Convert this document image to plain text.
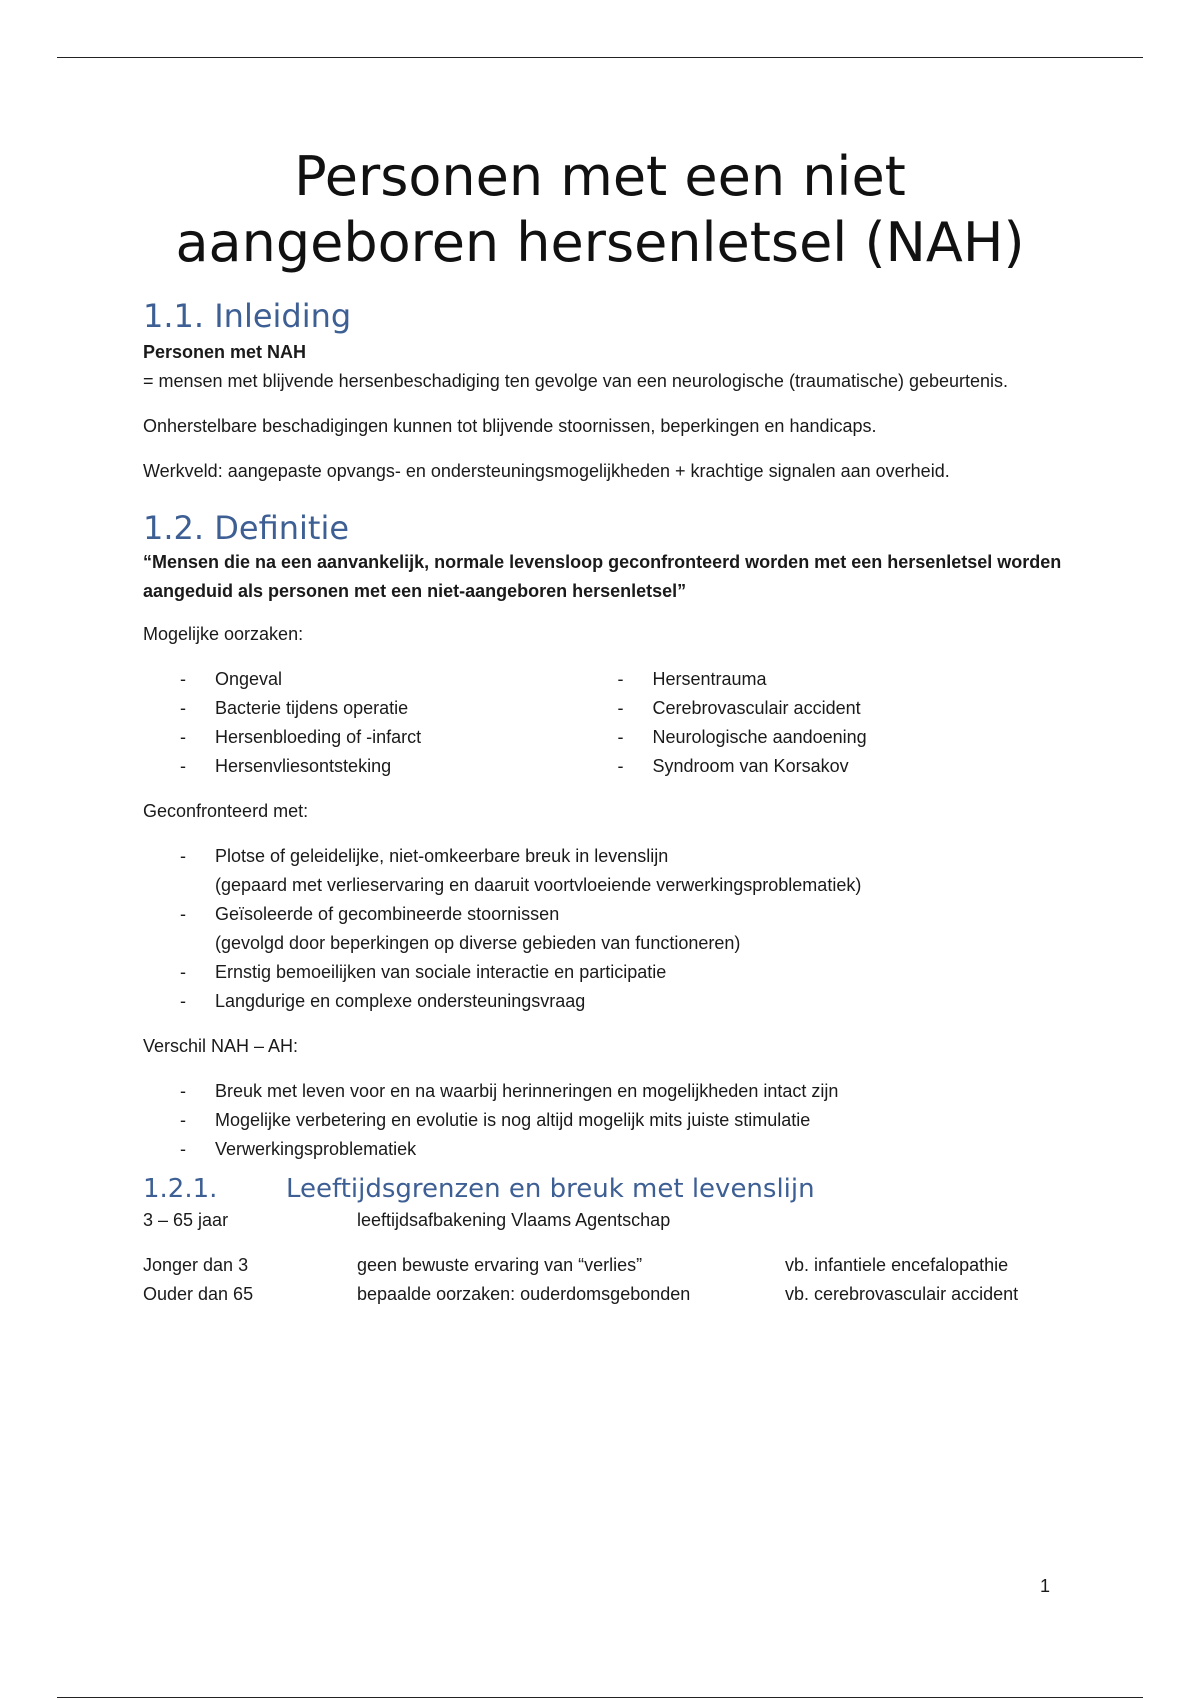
Personen met een niet
aangeboren hersenletsel (NAH)
1.1. Inleiding

Personen met NAH

= mensen met blijvende hersenbeschadiging ten gevolge van een neurologische (traumatische) gebeurtenis.

Onherstelbare beschadigingen kunnen tot blijvende stoornissen, beperkingen en handicaps.

Werkveld: aangepaste opvangs- en ondersteuningsmogelijkheden + krachtige signalen aan overheid.

1.2. Definitie

“Mensen die na een aanvankelijk, normale levensloop geconfronteerd worden met een hersenletsel worden aangeduid als personen met een niet-aangeboren hersenletsel”

Mogelijke oorzaken:

- Ongeval
- Bacterie tijdens operatie
- Hersenbloeding of -infarct
- Hersenvliesontsteking
- Hersentrauma
- Cerebrovasculair accident
- Neurologische aandoening
- Syndroom van Korsakov

Geconfronteerd met:

- Plotse of geleidelijke, niet-omkeerbare breuk in levenslijn
(gepaard met verlieservaring en daaruit voortvloeiende verwerkingsproblematiek)
- Geïsoleerde of gecombineerde stoornissen
(gevolgd door beperkingen op diverse gebieden van functioneren)
- Ernstig bemoeilijken van sociale interactie en participatie
- Langdurige en complexe ondersteuningsvraag

Verschil NAH – AH:

- Breuk met leven voor en na waarbij herinneringen en mogelijkheden intact zijn
- Mogelijke verbetering en evolutie is nog altijd mogelijk mits juiste stimulatie
- Verwerkingsproblematiek
1.2.1.	Leeftijdsgrenzen en breuk met levenslijn
3 – 65 jaar	leeftijdsafbakening Vlaams Agentschap
Jonger dan 3	geen bewuste ervaring van “verlies”	vb. infantiele encefalopathie
Ouder dan 65	bepaalde oorzaken: ouderdomsgebonden	vb. cerebrovasculair accident
1
